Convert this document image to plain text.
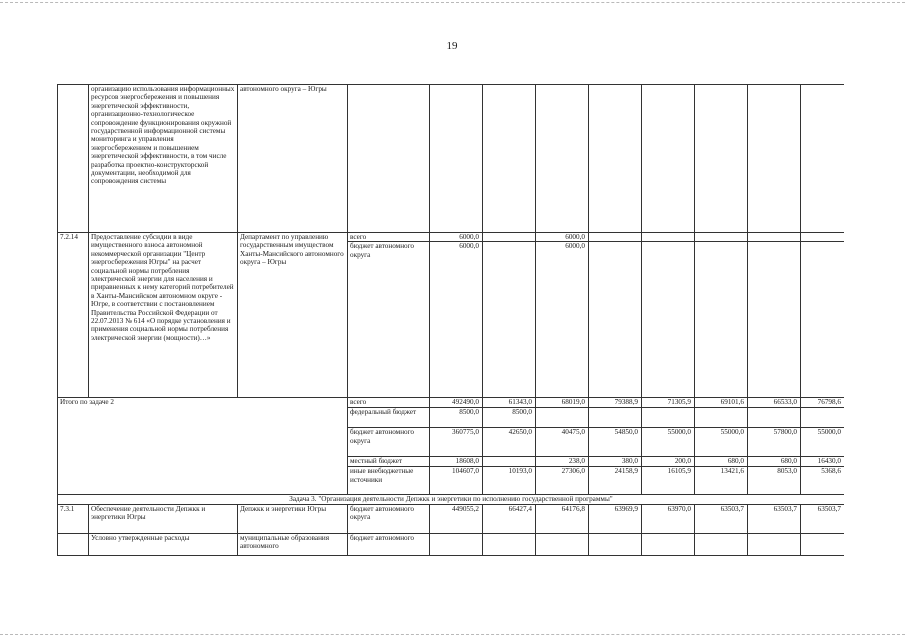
19
	организацию использования информационных ресурсов энергосбережения и повышения энергетической эффективности, организационно-технологическое сопровождение функционирования окружной государственной информационной системы мониторинга и управления энергосбережением и повышением энергетической эффективности, в том числе разработка проектно-конструкторской документации, необходимой для сопровождения системы	автономного округа – Югры									
7.2.14	Предоставление субсидии в виде имущественного взноса автономной некоммерческой организации "Центр энергосбережения Югры" на расчет социальной нормы потребления электрической энергии для населения и приравненных к нему категорий потребителей в Ханты-Мансийском автономном округе - Югре, в соответствии с постановлением Правительства Российской Федерации от 22.07.2013 № 614 «О порядке установления и применения социальной нормы потребления электрической энергии (мощности)…»	Департамент по управлению государственным имуществом Ханты-Мансийского автономного округа – Югры	всего	6000,0		6000,0					
			бюджет автономного округа	6000,0		6000,0					
Итого по задаче 2			всего	492490,0	61343,0	68019,0	79388,9	71305,9	69101,6	66533,0	76798,6
			федеральный бюджет	8500,0	8500,0						
			бюджет автономного округа	360775,0	42650,0	40475,0	54850,0	55000,0	55000,0	57800,0	55000,0
			местный бюджет	18608,0		238,0	380,0	200,0	680,0	680,0	16430,0
			иные внебюджетные источники	104607,0	10193,0	27306,0	24158,9	16105,9	13421,6	8053,0	5368,6
Задача 3. "Организация деятельности Депжкк и энергетики по исполнению государственной программы"											
7.3.1	Обеспечение деятельности Депжкк и энергетики Югры	Депжкк и энергетики Югры	бюджет автономного округа	449055,2	66427,4	64176,8	63969,9	63970,0	63503,7	63503,7	63503,7
	Условно утвержденные расходы	муниципальные образования автономного	бюджет автономного								
